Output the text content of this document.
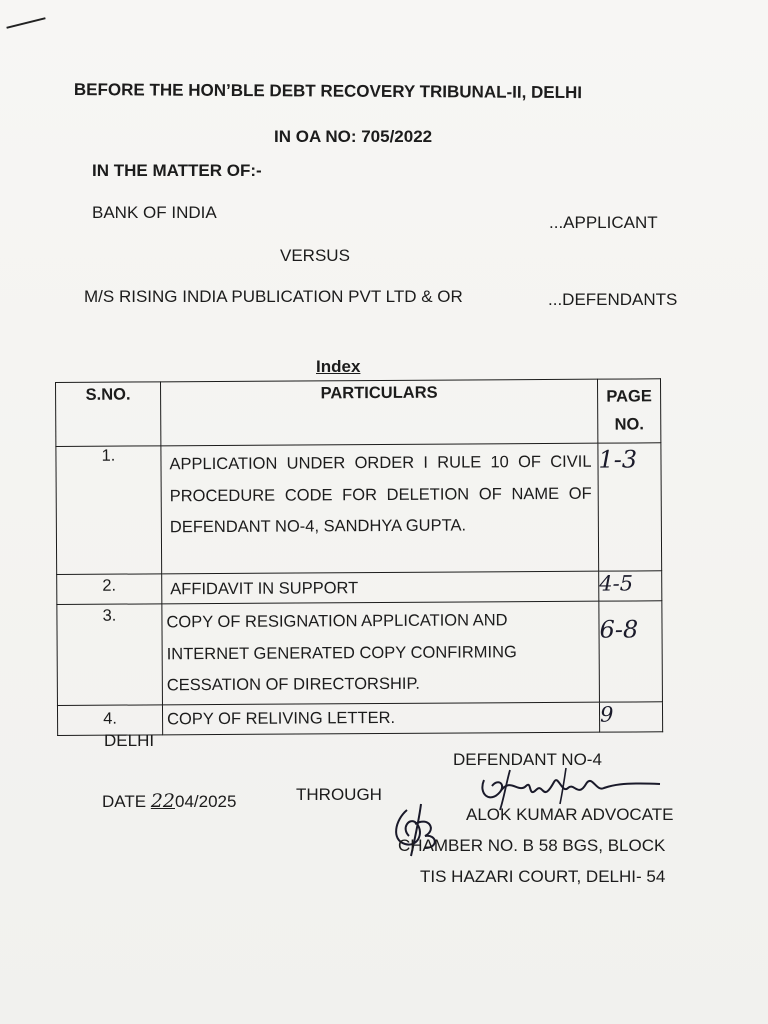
BEFORE THE HON’BLE DEBT RECOVERY TRIBUNAL-II, DELHI
IN OA NO: 705/2022
IN THE MATTER OF:-
BANK OF INDIA
...APPLICANT
VERSUS
M/S RISING INDIA PUBLICATION PVT LTD & OR	...DEFENDANTS
Index
S.NO.	PARTICULARS	PAGE
NO.

1.	APPLICATION UNDER ORDER I RULE 10 OF CIVIL PROCEDURE CODE FOR DELETION OF NAME OF DEFENDANT NO-4, SANDHYA GUPTA.	1-3

2.	AFFIDAVIT IN SUPPORT	4-5

3.	COPY OF RESIGNATION APPLICATION AND INTERNET GENERATED COPY CONFIRMING CESSATION OF DIRECTORSHIP.	6-8

4.	COPY OF RELIVING LETTER.	9
DELHI
DEFENDANT NO-4
DATE 2204/2025	THROUGH
ALOK KUMAR ADVOCATE
CHAMBER NO. B 58 BGS, BLOCK
TIS HAZARI COURT, DELHI- 54
